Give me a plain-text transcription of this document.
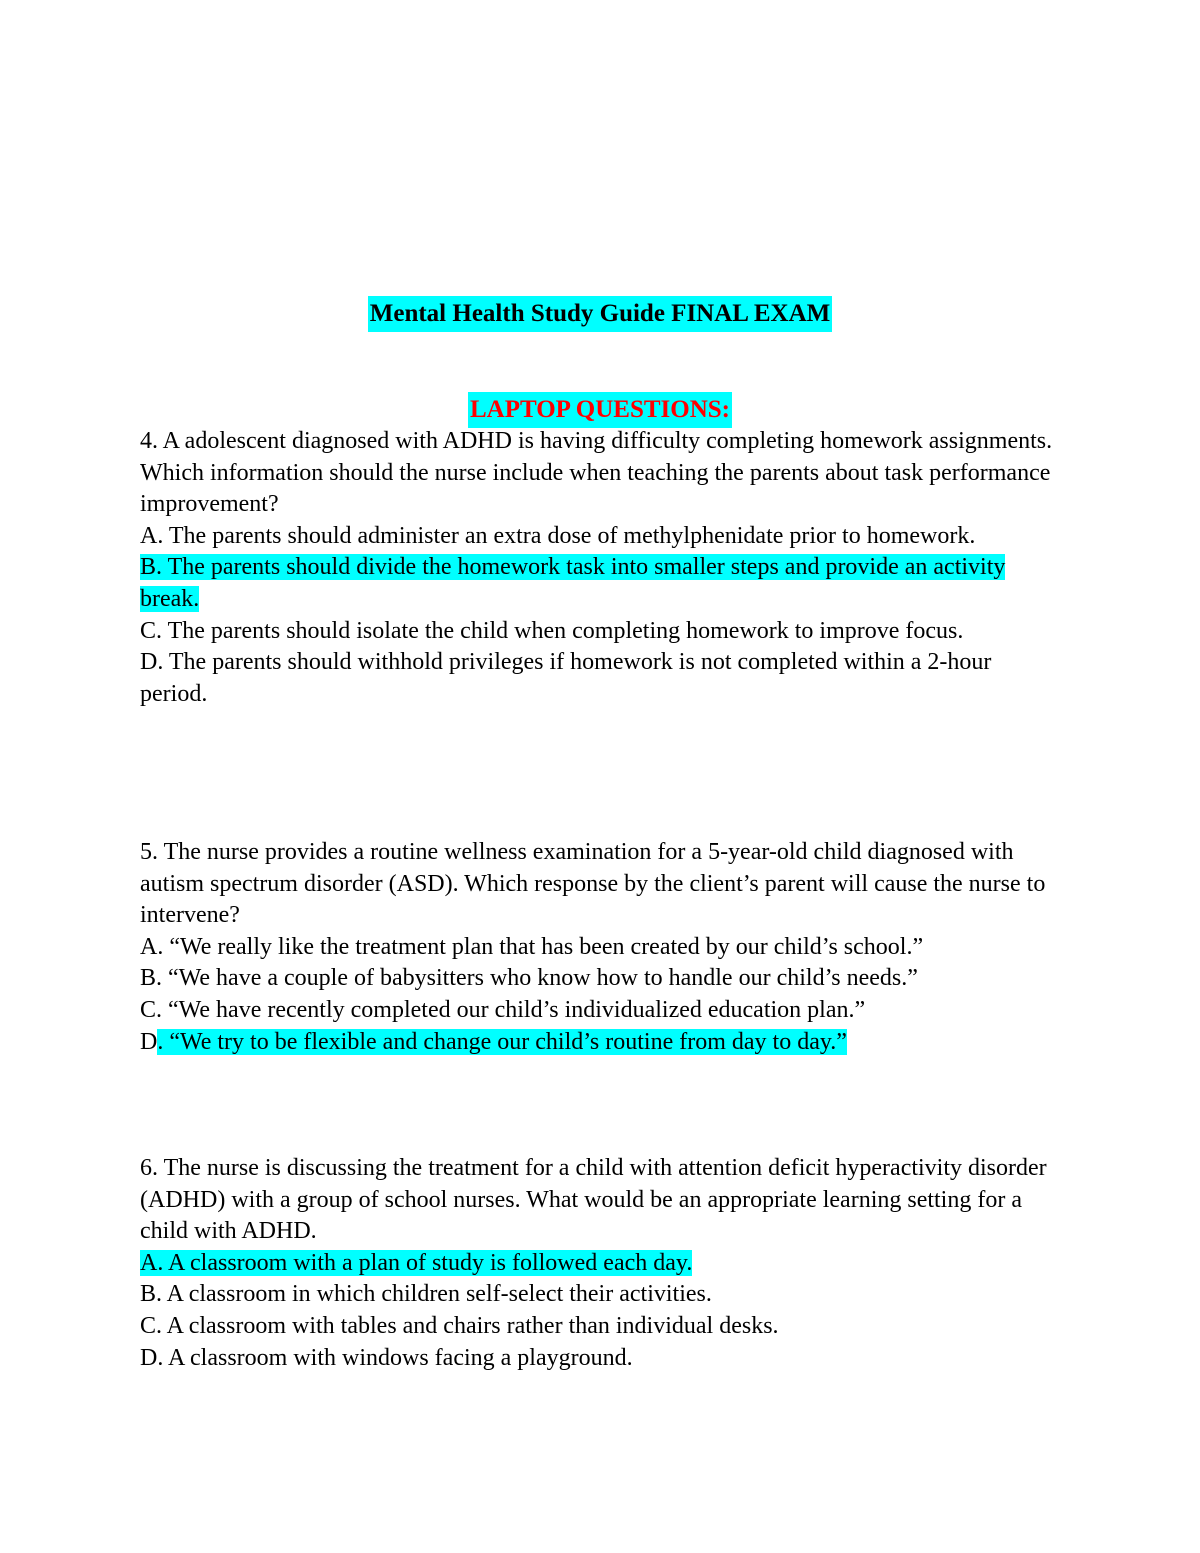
Mental Health Study Guide FINAL EXAM
LAPTOP QUESTIONS:

4. A adolescent diagnosed with ADHD is having difficulty completing homework assignments. Which information should the nurse include when teaching the parents about task performance improvement?

A. The parents should administer an extra dose of methylphenidate prior to homework.

B. The parents should divide the homework task into smaller steps and provide an activity break.

C. The parents should isolate the child when completing homework to improve focus.

D. The parents should withhold privileges if homework is not completed within a 2-hour period.

5. The nurse provides a routine wellness examination for a 5-year-old child diagnosed with autism spectrum disorder (ASD). Which response by the client’s parent will cause the nurse to intervene?

A. “We really like the treatment plan that has been created by our child’s school.”

B. “We have a couple of babysitters who know how to handle our child’s needs.”

C. “We have recently completed our child’s individualized education plan.”

D. “We try to be flexible and change our child’s routine from day to day.”

6. The nurse is discussing the treatment for a child with attention deficit hyperactivity disorder (ADHD) with a group of school nurses. What would be an appropriate learning setting for a child with ADHD.

A. A classroom with a plan of study is followed each day.

B. A classroom in which children self-select their activities.

C. A classroom with tables and chairs rather than individual desks.

D. A classroom with windows facing a playground.
